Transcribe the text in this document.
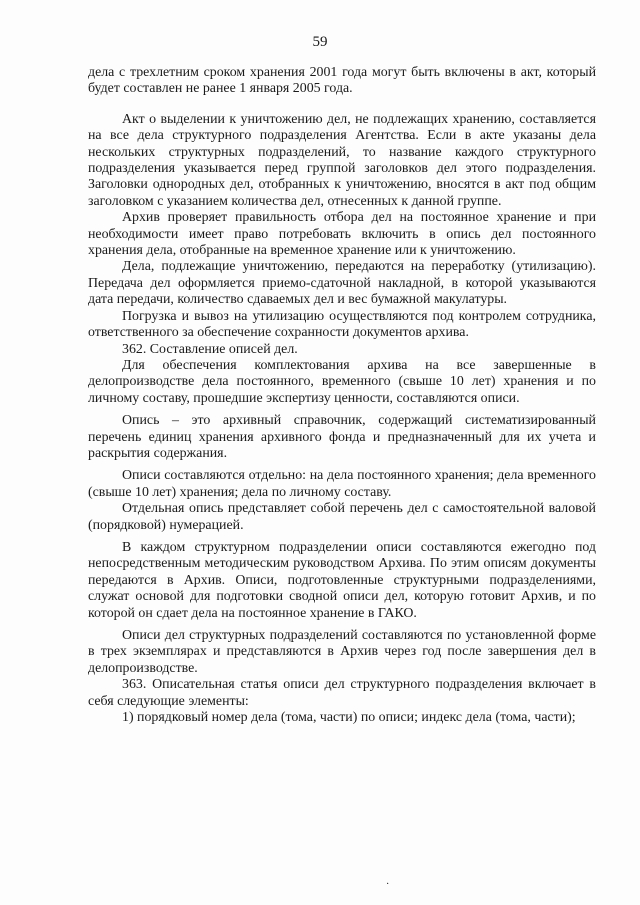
59

дела с трехлетним сроком хранения 2001 года могут быть включены в акт, который будет составлен не ранее 1 января 2005 года.

Акт о выделении к уничтожению дел, не подлежащих хранению, составляется на все дела структурного подразделения Агентства. Если в акте указаны дела нескольких структурных подразделений, то название каждого структурного подразделения указывается перед группой заголовков дел этого подразделения. Заголовки однородных дел, отобранных к уничтожению, вносятся в акт под общим заголовком с указанием количества дел, отнесенных к данной группе.

Архив проверяет правильность отбора дел на постоянное хранение и при необходимости имеет право потребовать включить в опись дел постоянного хранения дела, отобранные на временное хранение или к уничтожению.

Дела, подлежащие уничтожению, передаются на переработку (утилизацию). Передача дел оформляется приемо-сдаточной накладной, в которой указываются дата передачи, количество сдаваемых дел и вес бумажной макулатуры.

Погрузка и вывоз на утилизацию осуществляются под контролем сотрудника, ответственного за обеспечение сохранности документов архива.

362. Составление описей дел.

Для обеспечения комплектования архива на все завершенные в делопроизводстве дела постоянного, временного (свыше 10 лет) хранения и по личному составу, прошедшие экспертизу ценности, составляются описи.

Опись – это архивный справочник, содержащий систематизированный перечень единиц хранения архивного фонда и предназначенный для их учета и раскрытия содержания.

Описи составляются отдельно: на дела постоянного хранения; дела временного (свыше 10 лет) хранения; дела по личному составу.

Отдельная опись представляет собой перечень дел с самостоятельной валовой (порядковой) нумерацией.

В каждом структурном подразделении описи составляются ежегодно под непосредственным методическим руководством Архива. По этим описям документы передаются в Архив. Описи, подготовленные структурными подразделениями, служат основой для подготовки сводной описи дел, которую готовит Архив, и по которой он сдает дела на постоянное хранение в ГАКО.

Описи дел структурных подразделений составляются по установленной форме в трех экземплярах и представляются в Архив через год после завершения дел в делопроизводстве.

363. Описательная статья описи дел структурного подразделения включает в себя следующие элементы:

1) порядковый номер дела (тома, части) по описи; индекс дела (тома, части);

·
